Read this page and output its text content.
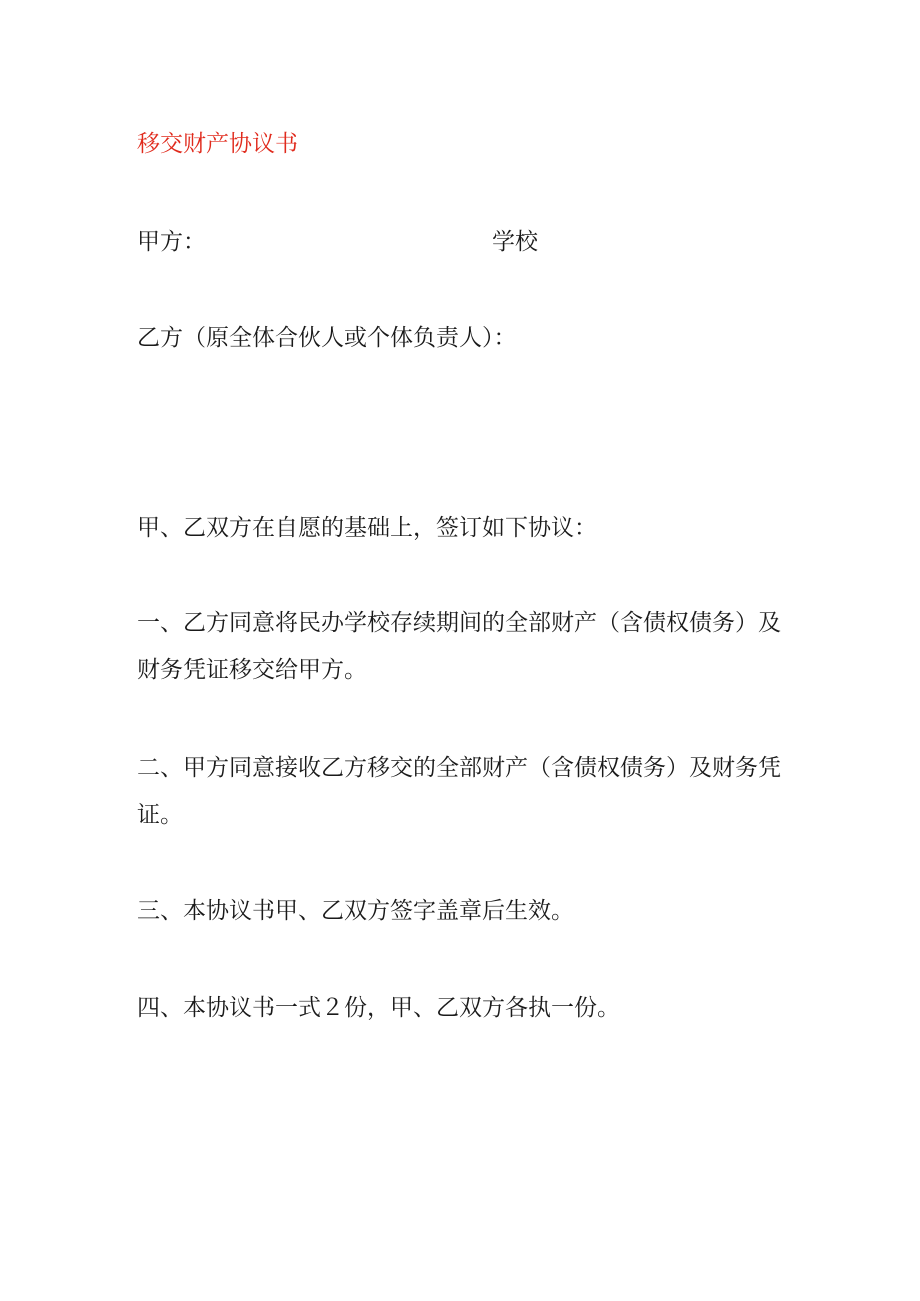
移交财产协议书
甲方：	学校
乙方（原全体合伙人或个体负责人）：
甲、乙双方在自愿的基础上，签订如下协议：
一、乙方同意将民办学校存续期间的全部财产（含债权债务）及财务凭证移交给甲方。
二、甲方同意接收乙方移交的全部财产（含债权债务）及财务凭证。
三、本协议书甲、乙双方签字盖章后生效。
四、本协议书一式２份，甲、乙双方各执一份。
